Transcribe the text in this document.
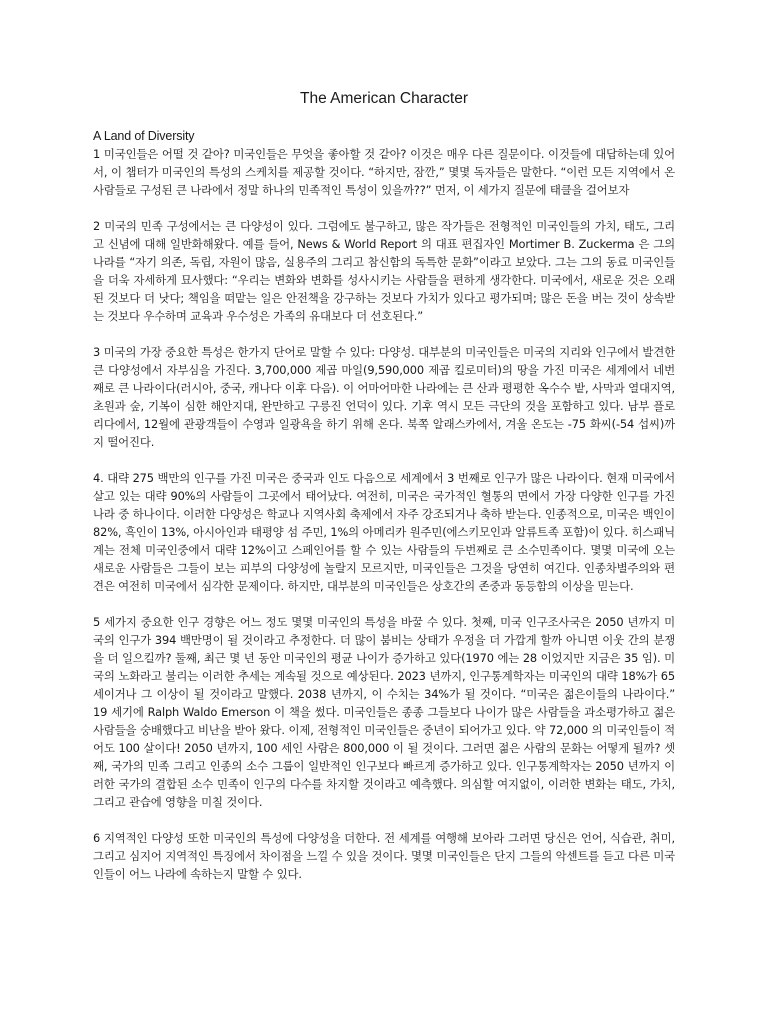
The American Character

A Land of Diversity

1 미국인들은 어떨 것 같아? 미국인들은 무엇을 좋아할 것 같아? 이것은 매우 다른 질문이다. 이것들에 대답하는데 있어서, 이 챕터가 미국인의 특성의 스케치를 제공할 것이다. “하지만, 잠깐,” 몇몇 독자들은 말한다. “이런 모든 지역에서 온 사람들로 구성된 큰 나라에서 정말 하나의 민족적인 특성이 있을까??” 먼저, 이 세가지 질문에 태클을 걸어보자

2 미국의 민족 구성에서는 큰 다양성이 있다. 그럼에도 불구하고, 많은 작가들은 전형적인 미국인들의 가치, 태도, 그리고 신념에 대해 일반화해왔다. 예를 들어, News & World Report 의 대표 편집자인 Mortimer B. Zuckerma 은 그의 나라를 “자기 의존, 독립, 자원이 많음, 실용주의 그리고 참신함의 독특한 문화”이라고 보았다. 그는 그의 동료 미국인들을 더욱 자세하게 묘사했다: “우리는 변화와 변화를 성사시키는 사람들을 편하게 생각한다. 미국에서, 새로운 것은 오래된 것보다 더 낫다; 책임을 떠맡는 일은 안전책을 강구하는 것보다 가치가 있다고 평가되며; 많은 돈을 버는 것이 상속받는 것보다 우수하며 교육과 우수성은 가족의 유대보다 더 선호된다.”

3 미국의 가장 중요한 특성은 한가지 단어로 말할 수 있다: 다양성. 대부분의 미국인들은 미국의 지리와 인구에서 발견한 큰 다양성에서 자부심을 가진다. 3,700,000 제곱 마일(9,590,000 제곱 킬로미터)의 땅을 가진 미국은 세계에서 네번째로 큰 나라이다(러시아, 중국, 캐나다 이후 다음). 이 어마어마한 나라에는 큰 산과 평평한 옥수수 밭, 사막과 열대지역, 초원과 숲, 기복이 심한 해안지대, 완만하고 구릉진 언덕이 있다. 기후 역시 모든 극단의 것을 포함하고 있다. 남부 플로리다에서, 12월에 관광객들이 수영과 일광욕을 하기 위해 온다. 북쪽 알래스카에서, 겨울 온도는 -75 화씨(-54 섭씨)까지 떨어진다.

4. 대략 275 백만의 인구를 가진 미국은 중국과 인도 다음으로 세계에서 3 번째로 인구가 많은 나라이다. 현재 미국에서 살고 있는 대략 90%의 사람들이 그곳에서 태어났다. 여전히, 미국은 국가적인 혈통의 면에서 가장 다양한 인구를 가진 나라 중 하나이다. 이러한 다양성은 학교나 지역사회 축제에서 자주 강조되거나 축하 받는다. 인종적으로, 미국은 백인이 82%, 흑인이 13%, 아시아인과 태평양 섬 주민, 1%의 아메리카 원주민(에스키모인과 알류트족 포함)이 있다. 히스패닉계는 전체 미국인중에서 대략 12%이고 스페인어를 할 수 있는 사람들의 두번째로 큰 소수민족이다. 몇몇 미국에 오는 새로운 사람들은 그들이 보는 피부의 다양성에 놀랄지 모르지만, 미국인들은 그것을 당연히 여긴다. 인종차별주의와 편견은 여전히 미국에서 심각한 문제이다. 하지만, 대부분의 미국인들은 상호간의 존중과 동등함의 이상을 믿는다.

5 세가지 중요한 인구 경향은 어느 정도 몇몇 미국인의 특성을 바꿀 수 있다. 첫째, 미국 인구조사국은 2050 년까지 미국의 인구가 394 백만명이 될 것이라고 추정한다. 더 많이 붐비는 상태가 우정을 더 가깝게 할까 아니면 이웃 간의 분쟁을 더 일으킬까? 둘째, 최근 몇 년 동안 미국인의 평균 나이가 증가하고 있다(1970 에는 28 이었지만 지금은 35 임). 미국의 노화라고 불리는 이러한 추세는 계속될 것으로 예상된다. 2023 년까지, 인구통계학자는 미국인의 대략 18%가 65 세이거나 그 이상이 될 것이라고 말했다. 2038 년까지, 이 수치는 34%가 될 것이다. “미국은 젊은이들의 나라이다.” 19 세기에 Ralph Waldo Emerson 이 책을 썼다. 미국인들은 종종 그들보다 나이가 많은 사람들을 과소평가하고 젊은 사람들을 숭배했다고 비난을 받아 왔다. 이제, 전형적인 미국인들은 중년이 되어가고 있다. 약 72,000 의 미국인들이 적어도 100 살이다! 2050 년까지, 100 세인 사람은 800,000 이 될 것이다. 그러면 젊은 사람의 문화는 어떻게 될까? 셋째, 국가의 민족 그리고 인종의 소수 그룹이 일반적인 인구보다 빠르게 증가하고 있다. 인구통계학자는 2050 년까지 이러한 국가의 결합된 소수 민족이 인구의 다수를 차지할 것이라고 예측했다. 의심할 여지없이, 이러한 변화는 태도, 가치, 그리고 관습에 영향을 미칠 것이다.

6 지역적인 다양성 또한 미국인의 특성에 다양성을 더한다. 전 세계를 여행해 보아라 그러면 당신은 언어, 식습관, 취미, 그리고 심지어 지역적인 특징에서 차이점을 느낄 수 있을 것이다. 몇몇 미국인들은 단지 그들의 악센트를 듣고 다른 미국인들이 어느 나라에 속하는지 말할 수 있다.
